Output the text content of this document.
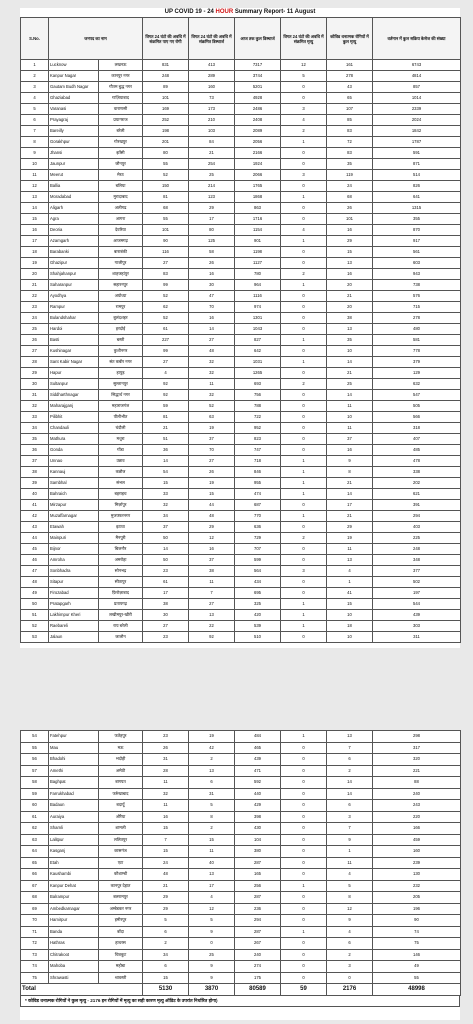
UP COVID 19 - 24 HOUR Summary Report- 11 August
S.No.	जनपद का नाम		विगत 24 घंटो की अवधि में संक्रमित पाए गए रोगी	विगत 24 घंटो की अवधि में संक्रमित डिस्चार्ज	आज तक कुल डिस्चार्ज	विगत 24 घंटो की अवधि में संक्रमित मृत्यु	कोविड धनात्मक रोगियों में कुल मृत्यु	वर्तमान में कुल सक्रिय केसेज की संख्या
1	Lucknow	लखनऊ	831	413	7317	12	161	6743
2	Kanpur Nagar	कानपुर नगर	248	289	3744	5	278	4814
3	Gautam Budh Nagar	गौतम बुद्ध नगर	89	160	5201	0	43	857
4	Ghaziabad	गाज़ियाबाद	101	73	4928	0	65	1014
5	Varanasi	वाराणसी	169	173	2486	3	107	2339
6	Prayagraj	प्रयागराज	252	210	2408	4	85	2024
7	Bareilly	बरेली	198	103	2089	2	83	1842
8	Gorakhpur	गोरखपुर	201	84	2056	1	72	1787
9	Jhansi	झाँसी	80	21	2166	0	83	591
10	Jaunpur	जौनपुर	55	254	1924	0	35	871
11	Meerut	मेरठ	52	25	2066	3	119	514
12	Ballia	बलिया	150	214	1765	0	24	826
13	Moradabad	मुरादाबाद	81	123	1868	1	68	641
14	Aligarh	अलीगढ	68	29	863	0	26	1315
15	Agra	आगरा	55	17	1716	0	101	355
16	Deoria	देवरिया	101	80	1154	4	16	870
17	Azamgarh	आजमगढ़	90	125	901	1	29	917
18	Barabanki	बाराबंकी	116	58	1198	0	15	561
19	Ghazipur	गाजीपुर	27	26	1127	0	13	603
20	Shahjahanpur	शाहजहांपुर	83	16	780	2	16	943
21	Saharanpur	सहारनपुर	99	30	964	1	20	738
22	Ayodhya	अयोध्या	52	47	1116	0	21	576
23	Rampur	रामपुर	62	70	974	0	20	715
24	Bulandshahar	बुलंदशहर	52	16	1301	0	38	278
25	Hardoi	हरदोई	61	14	1043	0	13	480
26	Basti	बस्ती	227	27	827	1	35	581
27	Kushinagar	कुशीनगर	99	48	642	0	10	778
28	Sant Kabir Nagar	संत कबीर नगर	27	32	1031	1	14	379
29	Hapur	हापुड़	4	32	1265	0	21	129
30	Sultanpur	सुल्तानपुर	92	11	693	2	25	632
31	Siddharthnagar	सिद्धार्थ नगर	92	32	756	0	14	547
32	Maharajganj	महाराजगंज	59	52	788	0	11	505
33	Pilibhit	पीलीभीत	81	63	722	0	10	566
34	Chandauli	चंदौली	21	19	952	0	11	318
35	Mathura	मथुरा	51	37	823	0	37	407
36	Gonda	गोंडा	36	70	747	0	16	485
37	Unnao	उन्नाव	14	27	718	1	9	478
38	Kannauj	कन्नौज	54	26	846	1	8	338
39	Sambhal	संभल	15	19	955	1	21	202
40	Bahraich	बहराइच	33	15	474	1	14	621
41	Mirzapur	मिर्ज़ापुर	32	44	687	0	17	391
42	Muzaffarnagar	मुजफ्फरनगर	34	48	770	1	21	294
43	Etawah	इटावा	37	29	636	0	29	403
44	Mainpuri	मैनपुरी	50	12	729	2	19	225
45	Bijnor	बिजनौर	14	16	707	0	11	248
46	Amroha	अमरोहा	50	37	599	0	13	348
47	Sonbhadra	सोनभद्र	23	38	564	3	4	377
48	Sitapur	सीतापुर	61	11	434	0	1	502
49	Firozabad	फ़िरोज़ाबाद	17	7	695	0	41	197
50	Pratapgarh	प्रतापगढ़	38	27	325	1	15	544
51	Lakhimpur Kheri	लखीमपुर-खीरी	30	13	420	1	10	439
52	Raebareli	राय बरेली	27	22	539	1	18	303
53	Jalaun	जालौन	23	92	510	0	10	311
54	Fatehpur	फतेहपुर	23	19	484	1	13	298
55	Mau	मऊ	26	42	465	0	7	317
56	Bhadohi	भदोही	31	2	439	0	6	320
57	Amethi	अमेठी	28	13	471	0	2	221
58	Baghpat	बागपत	11	6	592	0	14	88
59	Farrukhabad	फर्रुखाबाद	32	31	440	0	14	240
60	Badaun	बदायूँ	11	5	429	0	6	243
61	Auraiya	औरैया	16	8	398	0	3	220
62	Shamli	शामली	15	2	430	0	7	166
63	Lalitpur	ललितपुर	7	15	104	0	9	459
64	Kasganj	कासगंज	15	11	380	0	1	160
65	Etah	एटा	24	40	287	0	11	239
66	Kaushambi	कौशाम्बी	48	13	165	0	4	130
67	Kanpur Dehat	कानपुर देहात	21	17	256	1	5	232
68	Balrampur	बलरामपुर	29	4	287	0	8	205
69	Ambedkarnagar	अम्बेडकर नगर	29	12	236	0	12	196
70	Hamirpur	हमीरपुर	5	5	294	0	9	90
71	Banda	बाँदा	6	9	287	1	4	74
72	Hathras	हाथरस	2	0	267	0	6	75
73	Chitrakoot	चित्रकूट	34	25	240	0	2	146
74	Mahoba	महोबा	6	9	274	0	3	49
75	Shrawasti	श्रावस्ती	15	9	175	0	0	55
Total			5130	3870	80589	59	2176	48998
* कोविड धनात्मक रोगियों ने कुल मृत्यु - 2176 इन रोगियों में मृत्यु का सही कारण मृत्यु ऑडिट के उपरांत निर्धारित होगा)
